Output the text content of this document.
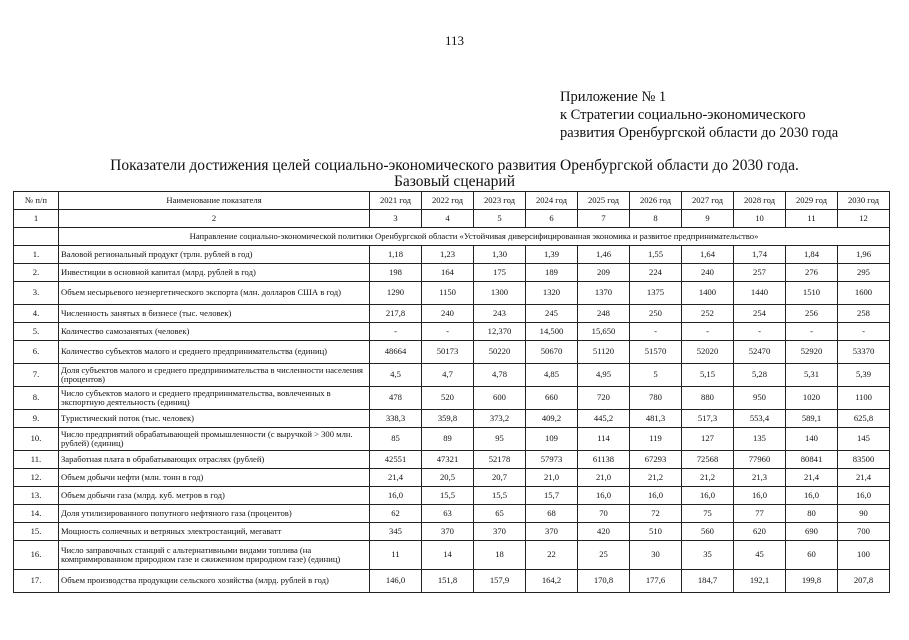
113
Приложение № 1
к Стратегии социально-экономического
развития Оренбургской области до 2030 года
Показатели достижения целей социально-экономического развития Оренбургской области до 2030 года.
Базовый сценарий
№ п/п	Наименование показателя	2021 год	2022 год	2023 год	2024 год	2025 год	2026 год	2027 год	2028 год	2029 год	2030 год
1	2	3	4	5	6	7	8	9	10	11	12
	Направление социально-экономической политики Оренбургской области «Устойчивая диверсифицированная экономика и развитое предпринимательство»										
1.	Валовой региональный продукт (трлн. рублей в год)	1,18	1,23	1,30	1,39	1,46	1,55	1,64	1,74	1,84	1,96
2.	Инвестиции в основной капитал (млрд. рублей в год)	198	164	175	189	209	224	240	257	276	295
3.	Объем несырьевого неэнергетического экспорта (млн. долларов США в год)	1290	1150	1300	1320	1370	1375	1400	1440	1510	1600
4.	Численность занятых в бизнесе (тыс. человек)	217,8	240	243	245	248	250	252	254	256	258
5.	Количество самозанятых (человек)	-	-	12,370	14,500	15,650	-	-	-	-	-
6.	Количество субъектов малого и среднего предпринимательства (единиц)	48664	50173	50220	50670	51120	51570	52020	52470	52920	53370
7.	Доля субъектов малого и среднего предпринимательства в численности населения (процентов)	4,5	4,7	4,78	4,85	4,95	5	5,15	5,28	5,31	5,39
8.	Число субъектов малого и среднего предпринимательства, вовлеченных в экспортную деятельность (единиц)	478	520	600	660	720	780	880	950	1020	1100
9.	Туристический поток (тыс. человек)	338,3	359,8	373,2	409,2	445,2	481,3	517,3	553,4	589,1	625,8
10.	Число предприятий обрабатывающей промышленности (с выручкой > 300 млн. рублей) (единиц)	85	89	95	109	114	119	127	135	140	145
11.	Заработная плата в обрабатывающих отраслях (рублей)	42551	47321	52178	57973	61138	67293	72568	77960	80841	83500
12.	Объем добычи нефти (млн. тонн в год)	21,4	20,5	20,7	21,0	21,0	21,2	21,2	21,3	21,4	21,4
13.	Объем добычи газа (млрд. куб. метров в год)	16,0	15,5	15,5	15,7	16,0	16,0	16,0	16,0	16,0	16,0
14.	Доля утилизированного попутного нефтяного газа (процентов)	62	63	65	68	70	72	75	77	80	90
15.	Мощность солнечных и ветряных электростанций, мегаватт	345	370	370	370	420	510	560	620	690	700
16.	Число заправочных станций с альтернативными видами топлива (на компримированном природном газе и сжиженном природном газе) (единиц)	11	14	18	22	25	30	35	45	60	100
17.	Объем производства продукции сельского хозяйства (млрд. рублей в год)	146,0	151,8	157,9	164,2	170,8	177,6	184,7	192,1	199,8	207,8
